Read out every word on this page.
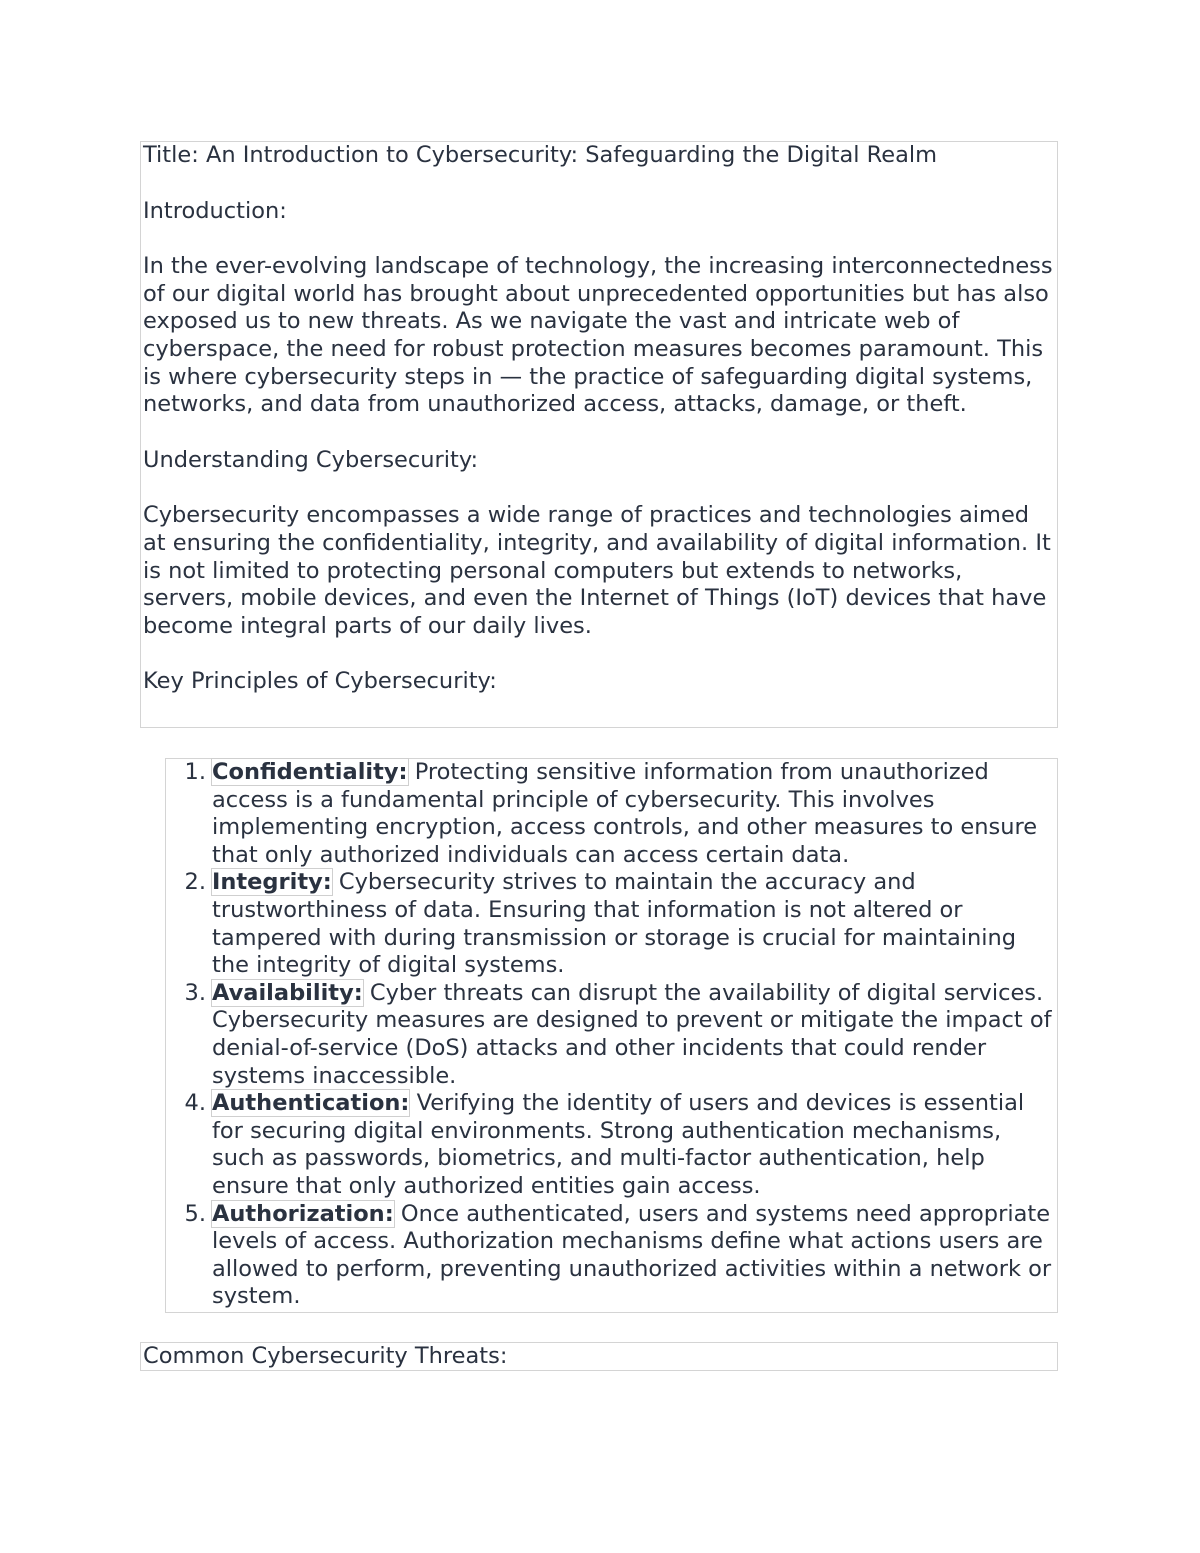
Title: An Introduction to Cybersecurity: Safeguarding the Digital Realm

Introduction:

In the ever-evolving landscape of technology, the increasing interconnectedness of our digital world has brought about unprecedented opportunities but has also exposed us to new threats. As we navigate the vast and intricate web of cyberspace, the need for robust protection measures becomes paramount. This is where cybersecurity steps in — the practice of safeguarding digital systems, networks, and data from unauthorized access, attacks, damage, or theft.

Understanding Cybersecurity:

Cybersecurity encompasses a wide range of practices and technologies aimed at ensuring the confidentiality, integrity, and availability of digital information. It is not limited to protecting personal computers but extends to networks, servers, mobile devices, and even the Internet of Things (IoT) devices that have become integral parts of our daily lives.

Key Principles of Cybersecurity:

1. Confidentiality: Protecting sensitive information from unauthorized access is a fundamental principle of cybersecurity. This involves implementing encryption, access controls, and other measures to ensure that only authorized individuals can access certain data.
2. Integrity: Cybersecurity strives to maintain the accuracy and trustworthiness of data. Ensuring that information is not altered or tampered with during transmission or storage is crucial for maintaining the integrity of digital systems.
3. Availability: Cyber threats can disrupt the availability of digital services. Cybersecurity measures are designed to prevent or mitigate the impact of denial-of-service (DoS) attacks and other incidents that could render systems inaccessible.
4. Authentication: Verifying the identity of users and devices is essential for securing digital environments. Strong authentication mechanisms, such as passwords, biometrics, and multi-factor authentication, help ensure that only authorized entities gain access.
5. Authorization: Once authenticated, users and systems need appropriate levels of access. Authorization mechanisms define what actions users are allowed to perform, preventing unauthorized activities within a network or system.

Common Cybersecurity Threats:
